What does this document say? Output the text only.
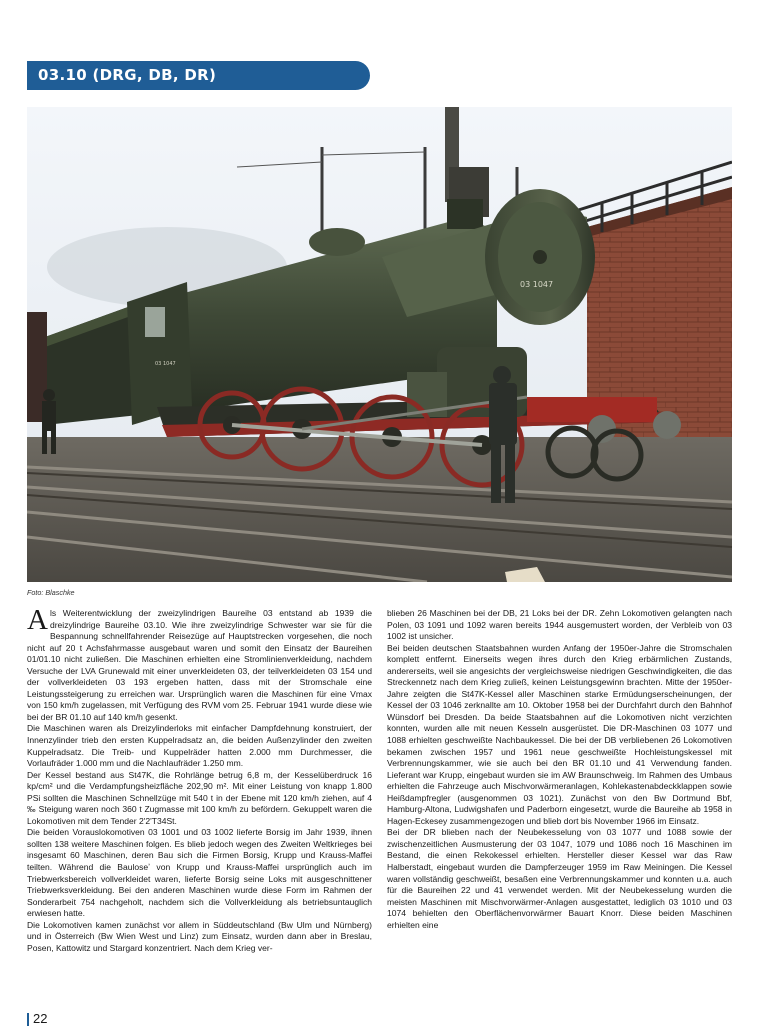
03.10 (DRG, DB, DR)
03 1047
03 1047
Foto: Blaschke

Als Weiterentwicklung der zweizylindrigen Baureihe 03 entstand ab 1939 die dreizylindrige Baureihe 03.10. Wie ihre zweizylindrige Schwester war sie für die Bespannung schnellfahrender Reisezüge auf Hauptstrecken vorgesehen, die noch nicht auf 20 t Achsfahrmasse ausgebaut waren und somit den Einsatz der Baureihen 01/01.10 nicht zuließen. Die Maschinen erhielten eine Stromlinienverkleidung, nachdem Versuche der LVA Grunewald mit einer unverkleideten 03, der teilverkleideten 03 154 und der vollverkleideten 03 193 ergeben hatten, dass mit der Stromschale eine Leistungssteigerung zu erreichen war. Ursprünglich waren die Maschinen für eine Vmax von 150 km/h zugelassen, mit Verfügung des RVM vom 25. Februar 1941 wurde diese wie bei der BR 01.10 auf 140 km/h gesenkt.

Die Maschinen waren als Dreizylinderloks mit einfacher Dampfdehnung konstruiert, der Innenzylinder trieb den ersten Kuppelradsatz an, die beiden Außenzylinder den zweiten Kuppelradsatz. Die Treib- und Kuppelräder hatten 2.000 mm Durchmesser, die Vorlaufräder 1.000 mm und die Nachlaufräder 1.250 mm.

Der Kessel bestand aus St47K, die Rohrlänge betrug 6,8 m, der Kesselüberdruck 16 kp/cm² und die Verdampfungsheizfläche 202,90 m². Mit einer Leistung von knapp 1.800 PSi sollten die Maschinen Schnellzüge mit 540 t in der Ebene mit 120 km/h ziehen, auf 4 ‰ Steigung waren noch 360 t Zugmasse mit 100 km/h zu befördern. Gekuppelt waren die Lokomotiven mit dem Tender 2'2'T34St.

Die beiden Vorauslokomotiven 03 1001 und 03 1002 lieferte Borsig im Jahr 1939, ihnen sollten 138 weitere Maschinen folgen. Es blieb jedoch wegen des Zweiten Weltkrieges bei insgesamt 60 Maschinen, deren Bau sich die Firmen Borsig, Krupp und Krauss-Maffei teilten. Während die Bauloseʼ von Krupp und Krauss-Maffei ursprünglich auch im Triebwerksbereich vollverkleidet waren, lieferte Borsig seine Loks mit ausgeschnittener Triebwerksverkleidung. Bei den anderen Maschinen wurde diese Form im Rahmen der Sonderarbeit 754 nachgeholt, nachdem sich die Vollverkleidung als betriebsuntauglich erwiesen hatte.

Die Lokomotiven kamen zunächst vor allem in Süddeutschland (Bw Ulm und Nürnberg) und in Österreich (Bw Wien West und Linz) zum Einsatz, wurden dann aber in Breslau, Posen, Kattowitz und Stargard konzentriert. Nach dem Krieg ver-

blieben 26 Maschinen bei der DB, 21 Loks bei der DR. Zehn Lokomotiven gelangten nach Polen, 03 1091 und 1092 waren bereits 1944 ausgemustert worden, der Verbleib von 03 1002 ist unsicher.

Bei beiden deutschen Staatsbahnen wurden Anfang der 1950er-Jahre die Stromschalen komplett entfernt. Einerseits wegen ihres durch den Krieg erbärmlichen Zustands, andererseits, weil sie angesichts der vergleichsweise niedrigen Geschwindigkeiten, die das Streckennetz nach dem Krieg zuließ, keinen Leistungsgewinn brachten. Mitte der 1950er-Jahre zeigten die St47K-Kessel aller Maschinen starke Ermüdungserscheinungen, der Kessel der 03 1046 zerknallte am 10. Oktober 1958 bei der Durchfahrt durch den Bahnhof Wünsdorf bei Dresden. Da beide Staatsbahnen auf die Lokomotiven nicht verzichten konnten, wurden alle mit neuen Kesseln ausgerüstet. Die DR-Maschinen 03 1077 und 1088 erhielten geschweißte Nachbaukessel. Die bei der DB verbliebenen 26 Lokomotiven bekamen zwischen 1957 und 1961 neue geschweißte Hochleistungskessel mit Verbrennungskammer, wie sie auch bei den BR 01.10 und 41 Verwendung fanden. Lieferant war Krupp, eingebaut wurden sie im AW Braunschweig. Im Rahmen des Umbaus erhielten die Fahrzeuge auch Mischvorwärmeranlagen, Kohlekastenabdeckklappen sowie Heißdampfregler (ausgenommen 03 1021). Zunächst von den Bw Dortmund Bbf, Hamburg-Altona, Ludwigshafen und Paderborn eingesetzt, wurde die Baureihe ab 1958 in Hagen-Eckesey zusammengezogen und blieb dort bis November 1966 im Einsatz.

Bei der DR blieben nach der Neubekesselung von 03 1077 und 1088 sowie der zwischenzeitlichen Ausmusterung der 03 1047, 1079 und 1086 noch 16 Maschinen im Bestand, die einen Rekokessel erhielten. Hersteller dieser Kessel war das Raw Halberstadt, eingebaut wurden die Dampferzeuger 1959 im Raw Meiningen. Die Kessel waren vollständig geschweißt, besaßen eine Verbrennungskammer und konnten u.a. auch für die Baureihen 22 und 41 verwendet werden. Mit der Neubekesselung wurden die meisten Maschinen mit Mischvorwärmer-Anlagen ausgestattet, lediglich 03 1010 und 03 1074 behielten den Oberflächenvorwärmer Bauart Knorr. Diese beiden Maschinen erhielten eine

22
